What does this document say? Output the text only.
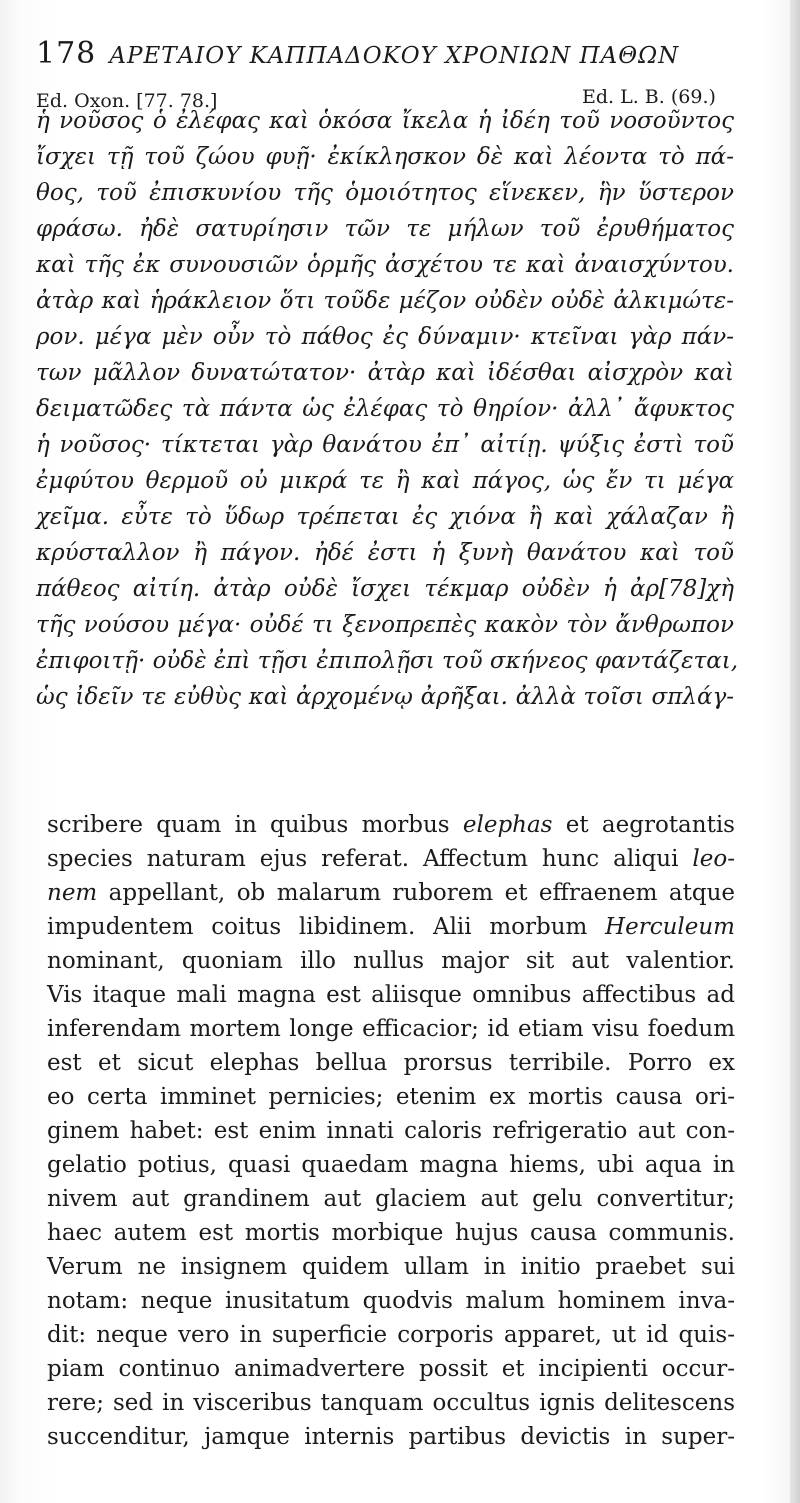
178 ΑΡΕΤΑΙΟΥ ΚΑΠΠΑΔΟΚΟΥ ΧΡΟΝΙΩΝ ΠΑΘΩΝ
Ed. Oxon. [77. 78.]	Ed. L. B. (69.)
ἡ νοῦσος ὁ ἐλέφας καὶ ὁκόσα ἴκελα ἡ ἰδέη τοῦ νοσοῦντος
ἴσχει τῇ τοῦ ζώου φυῇ· ἐκίκλησκον δὲ καὶ λέοντα τὸ πά-
θος, τοῦ ἐπισκυνίου τῆς ὁμοιότητος εἵνεκεν, ἣν ὕστερον
φράσω. ἠδὲ σατυρίησιν τῶν τε μήλων τοῦ ἐρυθήματος
καὶ τῆς ἐκ συνουσιῶν ὁρμῆς ἀσχέτου τε καὶ ἀναισχύντου.
ἀτὰρ καὶ ἡράκλειον ὅτι τοῦδε μέζον οὐδὲν οὐδὲ ἀλκιμώτε-
ρον. μέγα μὲν οὖν τὸ πάθος ἐς δύναμιν· κτεῖναι γὰρ πάν-
των μᾶλλον δυνατώτατον· ἀτὰρ καὶ ἰδέσθαι αἰσχρὸν καὶ
δειματῶδες τὰ πάντα ὡς ἐλέφας τὸ θηρίον· ἀλλ᾽ ἄφυκτος
ἡ νοῦσος· τίκτεται γὰρ θανάτου ἐπ᾽ αἰτίῃ. ψύξις ἐστὶ τοῦ
ἐμφύτου θερμοῦ οὐ μικρά τε ἢ καὶ πάγος, ὡς ἔν τι μέγα
χεῖμα. εὖτε τὸ ὕδωρ τρέπεται ἐς χιόνα ἢ καὶ χάλαζαν ἢ
κρύσταλλον ἢ πάγον. ἠδέ ἐστι ἡ ξυνὴ θανάτου καὶ τοῦ
πάθεος αἰτίη. ἀτὰρ οὐδὲ ἴσχει τέκμαρ οὐδὲν ἡ ἀρ[78]χὴ
τῆς νούσου μέγα· οὐδέ τι ξενοπρεπὲς κακὸν τὸν ἄνθρωπον
ἐπιφοιτῇ· οὐδὲ ἐπὶ τῇσι ἐπιπολῇσι τοῦ σκήνεος φαντάζεται,
ὡς ἰδεῖν τε εὐθὺς καὶ ἀρχομένῳ ἀρῆξαι. ἀλλὰ τοῖσι σπλάγ-
scribere quam in quibus morbus elephas et aegrotantis
species naturam ejus referat. Affectum hunc aliqui leo-
nem appellant, ob malarum ruborem et effraenem atque
impudentem coitus libidinem. Alii morbum Herculeum
nominant, quoniam illo nullus major sit aut valentior.
Vis itaque mali magna est aliisque omnibus affectibus ad
inferendam mortem longe efficacior; id etiam visu foedum
est et sicut elephas bellua prorsus terribile. Porro ex
eo certa imminet pernicies; etenim ex mortis causa ori-
ginem habet: est enim innati caloris refrigeratio aut con-
gelatio potius, quasi quaedam magna hiems, ubi aqua in
nivem aut grandinem aut glaciem aut gelu convertitur;
haec autem est mortis morbique hujus causa communis.
Verum ne insignem quidem ullam in initio praebet sui
notam: neque inusitatum quodvis malum hominem inva-
dit: neque vero in superficie corporis apparet, ut id quis-
piam continuo animadvertere possit et incipienti occur-
rere; sed in visceribus tanquam occultus ignis delitescens
succenditur, jamque internis partibus devictis in super-
